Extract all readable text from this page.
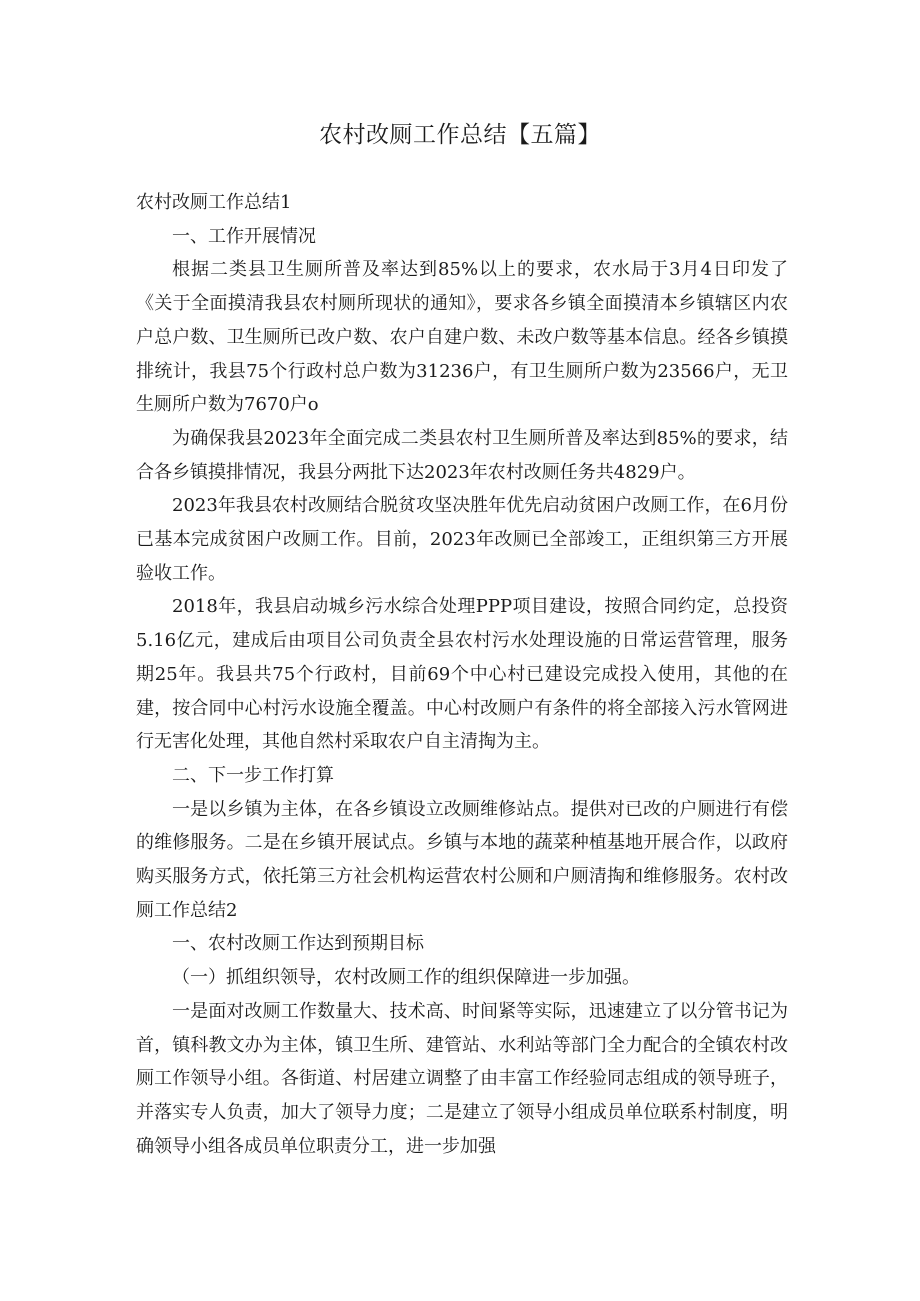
农村改厕工作总结【五篇】

农村改厕工作总结1

一、工作开展情况

根据二类县卫生厕所普及率达到85%以上的要求，农水局于3月4日印发了《关于全面摸清我县农村厕所现状的通知》，要求各乡镇全面摸清本乡镇辖区内农户总户数、卫生厕所已改户数、农户自建户数、未改户数等基本信息。经各乡镇摸排统计，我县75个行政村总户数为31236户，有卫生厕所户数为23566户，无卫生厕所户数为7670户o

为确保我县2023年全面完成二类县农村卫生厕所普及率达到85%的要求，结合各乡镇摸排情况，我县分两批下达2023年农村改厕任务共4829户。

2023年我县农村改厕结合脱贫攻坚决胜年优先启动贫困户改厕工作，在6月份已基本完成贫困户改厕工作。目前，2023年改厕已全部竣工，正组织第三方开展验收工作。

2018年，我县启动城乡污水综合处理PPP项目建设，按照合同约定，总投资5.16亿元，建成后由项目公司负责全县农村污水处理设施的日常运营管理，服务期25年。我县共75个行政村，目前69个中心村已建设完成投入使用，其他的在建，按合同中心村污水设施全覆盖。中心村改厕户有条件的将全部接入污水管网进行无害化处理，其他自然村采取农户自主清掏为主。

二、下一步工作打算

一是以乡镇为主体，在各乡镇设立改厕维修站点。提供对已改的户厕进行有偿的维修服务。二是在乡镇开展试点。乡镇与本地的蔬菜种植基地开展合作，以政府购买服务方式，依托第三方社会机构运营农村公厕和户厕清掏和维修服务。农村改厕工作总结2

一、农村改厕工作达到预期目标

（一）抓组织领导，农村改厕工作的组织保障进一步加强。

一是面对改厕工作数量大、技术高、时间紧等实际，迅速建立了以分管书记为首，镇科教文办为主体，镇卫生所、建管站、水利站等部门全力配合的全镇农村改厕工作领导小组。各街道、村居建立调整了由丰富工作经验同志组成的领导班子，并落实专人负责，加大了领导力度；二是建立了领导小组成员单位联系村制度，明确领导小组各成员单位职责分工，进一步加强
